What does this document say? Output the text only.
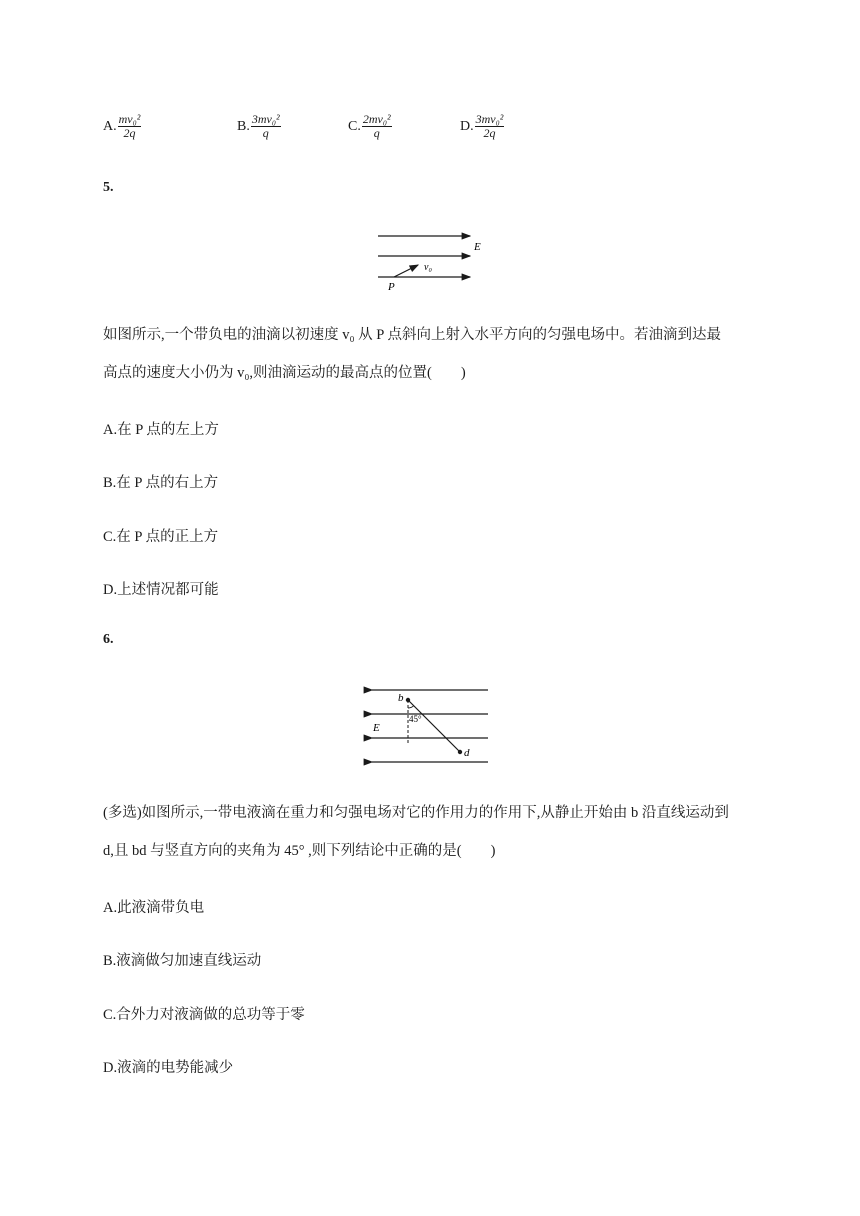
A. $\frac{\text{mv₀²}}{2q}$	B. $\frac{\text{3mv₀²}}{q}$	C. $\frac{\text{2mv₀²}}{q}$	D. $\frac{\text{3mv₀²}}{2q}$
5.
E
v₀
P
如图所示,一个带负电的油滴以初速度 v₀ 从 P 点斜向上射入水平方向的匀强电场中。若油滴到达最
高点的速度大小仍为 v₀,则油滴运动的最高点的位置(　　)
A.在 P 点的左上方
B.在 P 点的右上方
C.在 P 点的正上方
D.上述情况都可能
6.
b
d
45°
E
(多选)如图所示,一带电液滴在重力和匀强电场对它的作用力的作用下,从静止开始由 b 沿直线运动到
d,且 bd 与竖直方向的夹角为 45° ,则下列结论中正确的是(　　)
A.此液滴带负电
B.液滴做匀加速直线运动
C.合外力对液滴做的总功等于零
D.液滴的电势能减少
